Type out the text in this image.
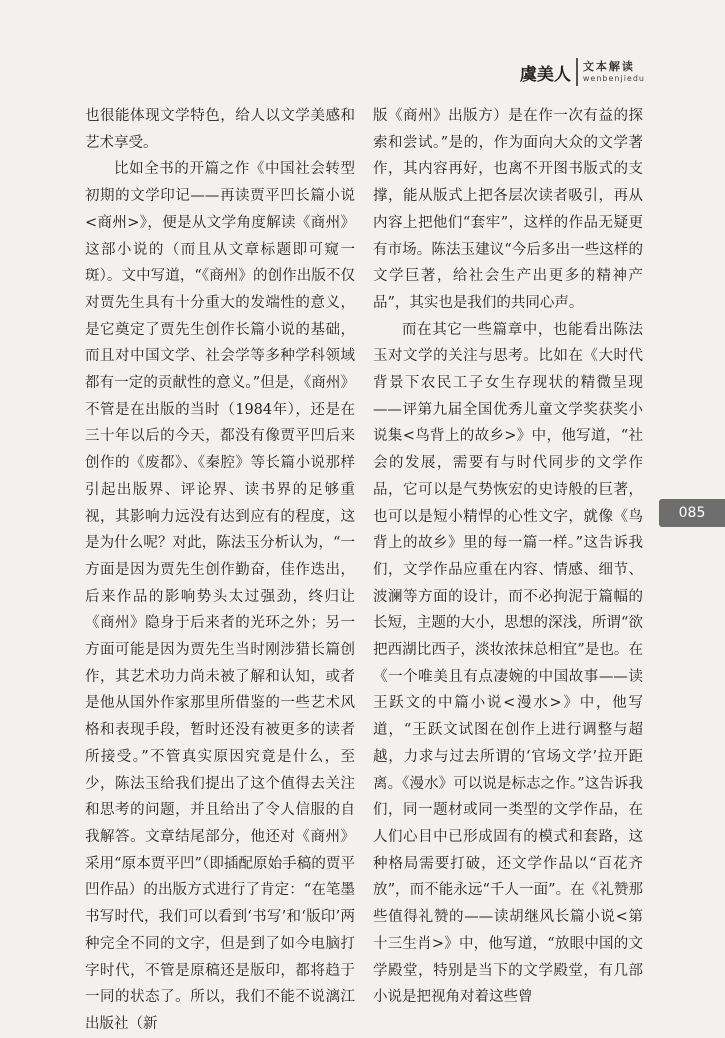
虞美人 文本解读
wenbenjiedu

也很能体现文学特色，给人以文学美感和艺术享受。

比如全书的开篇之作《中国社会转型初期的文学印记——再读贾平凹长篇小说<商州>》，便是从文学角度解读《商州》这部小说的（而且从文章标题即可窥一斑）。文中写道，“《商州》的创作出版不仅对贾先生具有十分重大的发端性的意义，是它奠定了贾先生创作长篇小说的基础，而且对中国文学、社会学等多种学科领域都有一定的贡献性的意义。”但是，《商州》不管是在出版的当时（1984年），还是在三十年以后的今天，都没有像贾平凹后来创作的《废都》、《秦腔》等长篇小说那样引起出版界、评论界、读书界的足够重视，其影响力远没有达到应有的程度，这是为什么呢？对此，陈法玉分析认为，“一方面是因为贾先生创作勤奋，佳作迭出，后来作品的影响势头太过强劲，终归让《商州》隐身于后来者的光环之外；另一方面可能是因为贾先生当时刚涉猎长篇创作，其艺术功力尚未被了解和认知，或者是他从国外作家那里所借鉴的一些艺术风格和表现手段，暂时还没有被更多的读者所接受。”不管真实原因究竟是什么，至少，陈法玉给我们提出了这个值得去关注和思考的问题，并且给出了令人信服的自我解答。文章结尾部分，他还对《商州》采用“原本贾平凹”（即插配原始手稿的贾平凹作品）的出版方式进行了肯定：“在笔墨书写时代，我们可以看到‘书写’和‘版印’两种完全不同的文字，但是到了如今电脑打字时代，不管是原稿还是版印，都将趋于一同的状态了。所以，我们不能不说漓江出版社（新

版《商州》出版方）是在作一次有益的探索和尝试。”是的，作为面向大众的文学著作，其内容再好，也离不开图书版式的支撑，能从版式上把各层次读者吸引，再从内容上把他们“套牢”，这样的作品无疑更有市场。陈法玉建议“今后多出一些这样的文学巨著，给社会生产出更多的精神产品”，其实也是我们的共同心声。

而在其它一些篇章中，也能看出陈法玉对文学的关注与思考。比如在《大时代背景下农民工子女生存现状的精微呈现——评第九届全国优秀儿童文学奖获奖小说集<鸟背上的故乡>》中，他写道，“社会的发展，需要有与时代同步的文学作品，它可以是气势恢宏的史诗般的巨著，也可以是短小精悍的心性文字，就像《鸟背上的故乡》里的每一篇一样。”这告诉我们，文学作品应重在内容、情感、细节、波澜等方面的设计，而不必拘泥于篇幅的长短，主题的大小，思想的深浅，所谓“欲把西湖比西子，淡妆浓抹总相宜”是也。在《一个唯美且有点凄婉的中国故事——读王跃文的中篇小说<漫水>》中，他写道，“王跃文试图在创作上进行调整与超越，力求与过去所谓的‘官场文学’拉开距离。《漫水》可以说是标志之作。”这告诉我们，同一题材或同一类型的文学作品，在人们心目中已形成固有的模式和套路，这种格局需要打破，还文学作品以“百花齐放”，而不能永远“千人一面”。在《礼赞那些值得礼赞的——读胡继风长篇小说<第十三生肖>》中，他写道，“放眼中国的文学殿堂，特别是当下的文学殿堂，有几部小说是把视角对着这些曾

085
